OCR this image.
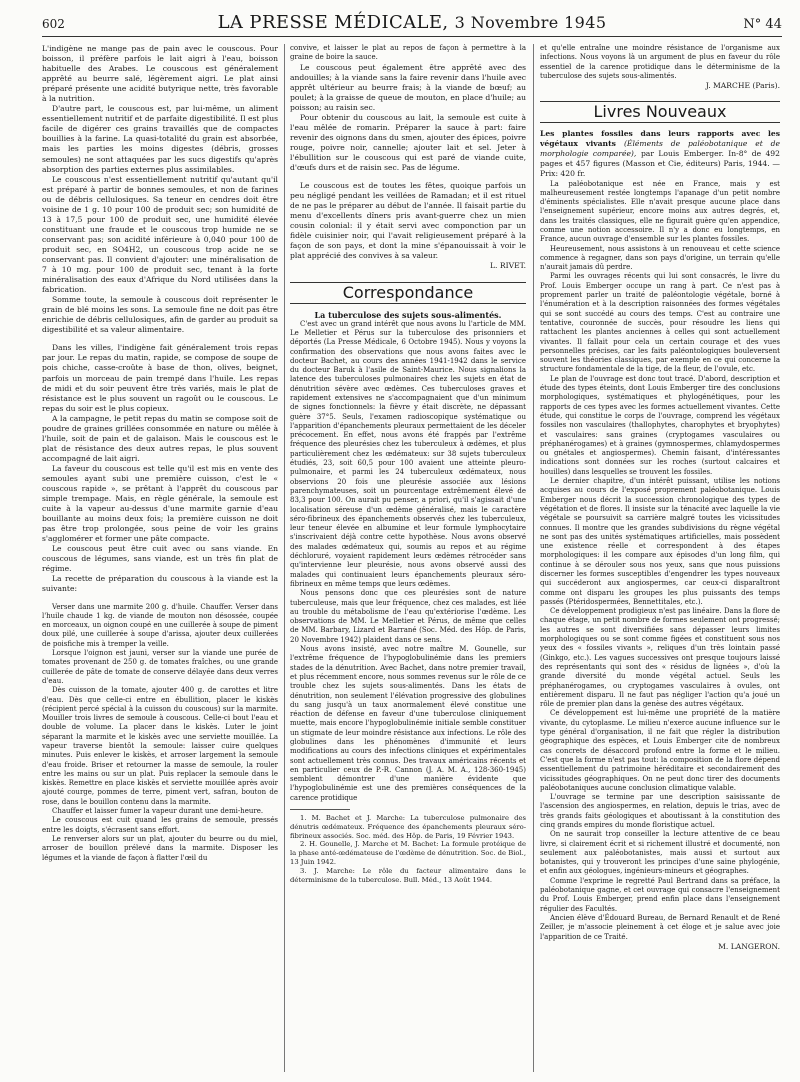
602	LA PRESSE MÉDICALE, 3 Novembre 1945	N° 44

L'indigène ne mange pas de pain avec le couscous. Pour boisson, il préfère parfois le lait aigri à l'eau, boisson habituelle des Arabes. Le couscous est généralement apprêté au beurre salé, légèrement aigri. Le plat ainsi préparé présente une acidité butyrique nette, très favorable à la nutrition.

D'autre part, le couscous est, par lui-même, un aliment essentiellement nutritif et de parfaite digestibilité. Il est plus facile de digérer ces grains travaillés que de compactes bouillies à la farine. La quasi-totalité du grain est absorbée, mais les parties les moins digestes (débris, grosses semoules) ne sont attaquées par les sucs digestifs qu'après absorption des parties externes plus assimilables.

Le couscous n'est essentiellement nutritif qu'autant qu'il est préparé à partir de bonnes semoules, et non de farines ou de débris cellulosiques. Sa teneur en cendres doit être voisine de 1 g. 10 pour 100 de produit sec; son humidité de 13 à 17,5 pour 100 de produit sec, une humidité élevée constituant une fraude et le couscous trop humide ne se conservant pas; son acidité inférieure à 0,040 pour 100 de produit sec, en SO4H2, un couscous trop acide ne se conservant pas. Il convient d'ajouter: une minéralisation de 7 à 10 mg. pour 100 de produit sec, tenant à la forte minéralisation des eaux d'Afrique du Nord utilisées dans la fabrication.

Somme toute, la semoule à couscous doit représenter le grain de blé moins les sons. La semoule fine ne doit pas être enrichie de débris cellulosiques, afin de garder au produit sa digestibilité et sa valeur alimentaire.

Dans les villes, l'indigène fait généralement trois repas par jour. Le repas du matin, rapide, se compose de soupe de pois chiche, casse-croûte à base de thon, olives, beignet, parfois un morceau de pain trempé dans l'huile. Les repas de midi et du soir peuvent être très variés, mais le plat de résistance est le plus souvent un ragoût ou le couscous. Le repas du soir est le plus copieux.

A la campagne, le petit repas du matin se compose soit de poudre de graines grillées consommée en nature ou mêlée à l'huile, soit de pain et de galaison. Mais le couscous est le plat de résistance des deux autres repas, le plus souvent accompagné de lait aigri.

La faveur du couscous est telle qu'il est mis en vente des semoules ayant subi une première cuisson, c'est le « couscous rapide », se prêtant à l'apprêt du couscous par simple trempage. Mais, en règle générale, la semoule est cuite à la vapeur au-dessus d'une marmite garnie d'eau bouillante au moins deux fois; la première cuisson ne doit pas être trop prolongée, sous peine de voir les grains s'agglomérer et former une pâte compacte.

Le couscous peut être cuit avec ou sans viande. En couscous de légumes, sans viande, est un très fin plat de régime.

La recette de préparation du couscous à la viande est la suivante:

Verser dans une marmite 200 g. d'huile. Chauffer. Verser dans l'huile chaude 1 kg. de viande de mouton non désossée, coupée en morceaux, un oignon coupé en une cuillerée à soupe de piment doux pilé, une cuillerée à soupe d'arissa, ajouter deux cuillerées de poisfiche mis à tremper la veille.

Lorsque l'oignon est jauni, verser sur la viande une purée de tomates provenant de 250 g. de tomates fraîches, ou une grande cuillerée de pâte de tomate de conserve délayée dans deux verres d'eau.

Dès cuisson de la tomate, ajouter 400 g. de carottes et litre d'eau. Dès que celle-ci entre en ébullition, placer le kiskès (récipient percé spécial à la cuisson du couscous) sur la marmite. Mouiller trois livres de semoule à couscous. Celle-ci bout l'eau et double de volume. La placer dans le kiskès. Luter le joint séparant la marmite et le kiskès avec une serviette mouillée. La vapeur traverse bientôt la semoule: laisser cuire quelques minutes. Puis enlever le kiskès, et arroser largement la semoule d'eau froide. Briser et retourner la masse de semoule, la rouler entre les mains ou sur un plat. Puis replacer la semoule dans le kiskès. Remettre en place kiskès et serviette mouillée après avoir ajouté courge, pommes de terre, piment vert, safran, bouton de rose, dans le bouillon contenu dans la marmite.

Chauffer et laisser fumer la vapeur durant une demi-heure.

Le couscous est cuit quand les grains de semoule, pressés entre les doigts, s'écrasent sans effort.

Le renverser alors sur un plat, ajouter du beurre ou du miel, arroser de bouillon prélevé dans la marmite. Disposer les légumes et la viande de façon à flatter l'œil du

convive, et laisser le plat au repos de façon à permettre à la graine de boire la sauce.

Le couscous peut également être apprêté avec des andouilles; à la viande sans la faire revenir dans l'huile avec apprêt ultérieur au beurre frais; à la viande de bœuf; au poulet; à la graisse de queue de mouton, en place d'huile; au poisson; au raisin sec.

Pour obtenir du couscous au lait, la semoule est cuite à l'eau mêlée de romarin. Préparer la sauce à part: faire revenir des oignons dans du smen, ajouter des épices, poivre rouge, poivre noir, cannelle; ajouter lait et sel. Jeter à l'ébullition sur le couscous qui est paré de viande cuite, d'œufs durs et de raisin sec. Pas de légume.

Le couscous est de toutes les fêtes, quoique parfois un peu négligé pendant les veillées de Ramadan; et il est rituel de ne pas le préparer au début de l'année. Il faisait partie du menu d'excellents dîners pris avant-guerre chez un mien cousin colonial: il y était servi avec componction par un fidèle cuisinier noir, qui l'avait religieusement préparé à la façon de son pays, et dont la mine s'épanouissait à voir le plat apprécié des convives à sa valeur.

L. RIVET.

Correspondance

La tuberculose des sujets sous-alimentés.

C'est avec un grand intérêt que nous avons lu l'article de MM. Le Melletier et Pérus sur la tuberculose des prisonniers et déportés (La Presse Médicale, 6 Octobre 1945). Nous y voyons la confirmation des observations que nous avons faites avec le docteur Bachet, au cours des années 1941-1942 dans le service du docteur Baruk à l'asile de Saint-Maurice. Nous signalions la latence des tuberculoses pulmonaires chez les sujets en état de dénutrition sévère avec œdèmes. Ces tuberculoses graves et rapidement extensives ne s'accompagnaient que d'un minimum de signes fonctionnels: la fièvre y était discrète, ne dépassant guère 37°5. Seuls, l'examen radioscopique systématique ou l'apparition d'épanchements pleuraux permettaient de les déceler précocement. En effet, nous avons été frappés par l'extrême fréquence des pleurésies chez les tuberculeux à œdèmes, et plus particulièrement chez les œdémateux: sur 38 sujets tuberculeux étudiés, 23, soit 60,5 pour 100 avaient une atteinte pleuro-pulmonaire, et parmi les 24 tuberculeux œdémateux, nous observions 20 fois une pleurésie associée aux lésions parenchymateuses, soit un pourcentage extrêmement élevé de 83,3 pour 100. On aurait pu penser, a priori, qu'il s'agissait d'une localisation séreuse d'un œdème généralisé, mais le caractère séro-fibrineux des épanchements observés chez les tuberculeux, leur teneur élevée en albumine et leur formule lymphocytaire s'inscrivaient déjà contre cette hypothèse. Nous avons observé des malades œdémateux qui, soumis au repos et au régime déchloruré, voyaient rapidement leurs œdèmes rétrocéder sans qu'intervienne leur pleurésie, nous avons observé aussi des malades qui continuaient leurs épanchements pleuraux séro-fibrineux en même temps que leurs œdèmes.

Nous pensons donc que ces pleurésies sont de nature tuberculeuse, mais que leur fréquence, chez ces malades, est liée au trouble du métabolisme de l'eau qu'extériorise l'œdème. Les observations de MM. Le Melletier et Pérus, de même que celles de MM. Barbary, Lizard et Barrané (Soc. Méd. des Hôp. de Paris, 20 Novembre 1942) plaident dans ce sens.

Nous avons insisté, avec notre maître M. Gounelle, sur l'extrême fréquence de l'hypoglobulinémie dans les premiers stades de la dénutrition. Avec Bachet, dans notre premier travail, et plus récemment encore, nous sommes revenus sur le rôle de ce trouble chez les sujets sous-alimentés. Dans les états de dénutrition, non seulement l'élévation progressive des globulines du sang jusqu'à un taux anormalement élevé constitue une réaction de défense en faveur d'une tuberculose cliniquement muette, mais encore l'hypoglobulinémie initiale semble constituer un stigmate de leur moindre résistance aux infections. Le rôle des globulines dans les phénomènes d'immunité et leurs modifications au cours des infections cliniques et expérimentales sont actuellement très connus. Des travaux américains récents et en particulier ceux de P.-R. Cannon (J. A. M. A., 128-360-1945) semblent démontrer d'une manière évidente que l'hypoglobulinémie est une des premières conséquences de la carence protidique

1. M. Bachet et J. Marche: La tuberculose pulmonaire des dénutris œdémateux. Fréquence des épanchements pleuraux séro-fibrineux associés. Soc. méd. des Hôp. de Paris, 19 Février 1943.

2. H. Gounelle, J. Marche et M. Bachet: La formule protéique de la phase anté-œdémateuse de l'œdème de dénutrition. Soc. de Biol., 13 Juin 1942.

3. J. Marche: Le rôle du facteur alimentaire dans le déterminisme de la tuberculose. Bull. Méd., 13 Août 1944.

et qu'elle entraîne une moindre résistance de l'organisme aux infections. Nous voyons là un argument de plus en faveur du rôle essentiel de la carence protidique dans le déterminisme de la tuberculose des sujets sous-alimentés.

J. MARCHE (Paris).

Livres Nouveaux

Les plantes fossiles dans leurs rapports avec les végétaux vivants (Éléments de paléobotanique et de morphologie comparée), par Louis Emberger. In-8° de 492 pages et 457 figures (Masson et Cie, éditeurs) Paris, 1944. — Prix: 420 fr.

La paléobotanique est née en France, mais y est malheureusement restée longtemps l'apanage d'un petit nombre d'éminents spécialistes. Elle n'avait presque aucune place dans l'enseignement supérieur, encore moins aux autres degrés, et, dans les traités classiques, elle ne figurait guère qu'en appendice, comme une notion accessoire. Il n'y a donc eu longtemps, en France, aucun ouvrage d'ensemble sur les plantes fossiles.

Heureusement, nous assistons à un renouveau et cette science commence à regagner, dans son pays d'origine, un terrain qu'elle n'aurait jamais dû perdre.

Parmi les ouvrages récents qui lui sont consacrés, le livre du Prof. Louis Emberger occupe un rang à part. Ce n'est pas à proprement parler un traité de paléontologie végétale, borné à l'énumération et à la description raisonnées des formes végétales qui se sont succédé au cours des temps. C'est au contraire une tentative, couronnée de succès, pour résoudre les liens qui rattachent les plantes anciennes à celles qui sont actuellement vivantes. Il fallait pour cela un certain courage et des vues personnelles précises, car les faits paléontologiques bouleversent souvent les théories classiques, par exemple en ce qui concerne la structure fondamentale de la tige, de la fleur, de l'ovule, etc.

Le plan de l'ouvrage est donc tout tracé. D'abord, description et étude des types éteints, dont Louis Emberger tire des conclusions morphologiques, systématiques et phylogénétiques, pour les rapports de ces types avec les formes actuellement vivantes. Cette étude, qui constitue le corps de l'ouvrage, comprend les végétaux fossiles non vasculaires (thallophytes, charophytes et bryophytes) et vasculaires: sans graines (cryptogames vasculaires ou préphanérogames) et à graines (gymnospermes, chlamydospermes ou gnétales et angiospermes). Chemin faisant, d'intéressantes indications sont données sur les roches (surtout calcaires et houilles) dans lesquelles se trouvent les fossiles.

Le dernier chapitre, d'un intérêt puissant, utilise les notions acquises au cours de l'exposé proprement paléobotanique. Louis Emberger nous décrit la succession chronologique des types de végétation et de flores. Il insiste sur la ténacité avec laquelle la vie végétale se poursuivit sa carrière malgré toutes les vicissitudes connues. Il montre que les grandes subdivisions du règne végétal ne sont pas des unités systématiques artificielles, mais possèdent une existence réelle et correspondent à des étapes morphologiques: il les compare aux épisodes d'un long film, qui continue à se dérouler sous nos yeux, sans que nous puissions discerner les formes susceptibles d'engendrer les types nouveaux qui succéderont aux angiospermes, car ceux-ci disparaîtront comme ont disparu les groupes les plus puissants des temps passés (Ptéridospermées, Bennettitales, etc.).

Ce développement prodigieux n'est pas linéaire. Dans la flore de chaque étage, un petit nombre de formes seulement ont progressé; les autres se sont diversifiées sans dépasser leurs limites morphologiques ou se sont comme figées et constituent sous nos yeux des « fossiles vivants », reliques d'un très lointain passé (Ginkgo, etc.). Les vagues successives ont presque toujours laissé des représentants qui sont des « résidus de lignées », d'où la grande diversité du monde végétal actuel. Seuls les préphanérogames, ou cryptogames vasculaires à ovules, ont entièrement disparu. Il ne faut pas négliger l'action qu'a joué un rôle de premier plan dans la genèse des autres végétaux.

Ce développement est lui-même une propriété de la matière vivante, du cytoplasme. Le milieu n'exerce aucune influence sur le type général d'organisation, il ne fait que régler la distribution géographique des espèces, et Louis Emberger cite de nombreux cas concrets de désaccord profond entre la forme et le milieu. C'est que la forme n'est pas tout: la composition de la flore dépend essentiellement du patrimoine héréditaire et secondairement des vicissitudes géographiques. On ne peut donc tirer des documents paléobotaniques aucune conclusion climatique valable.

L'ouvrage se termine par une description saisissante de l'ascension des angiospermes, en relation, depuis le trias, avec de très grands faits géologiques et aboutissant à la constitution des cinq grands empires du monde floristique actuel.

On ne saurait trop conseiller la lecture attentive de ce beau livre, si clairement écrit et si richement illustré et documenté, non seulement aux paléobotanistes, mais aussi et surtout aux botanistes, qui y trouveront les principes d'une saine phylogénie, et enfin aux géologues, ingénieurs-mineurs et géographes.

Comme l'exprime le regretté Paul Bertrand dans sa préface, la paléobotanique gagne, et cet ouvrage qui consacre l'enseignement du Prof. Louis Emberger, prend enfin place dans l'enseignement régulier des Facultés.

Ancien élève d'Édouard Bureau, de Bernard Renault et de René Zeiller, je m'associe pleinement à cet éloge et je salue avec joie l'apparition de ce Traité.

M. LANGERON.
